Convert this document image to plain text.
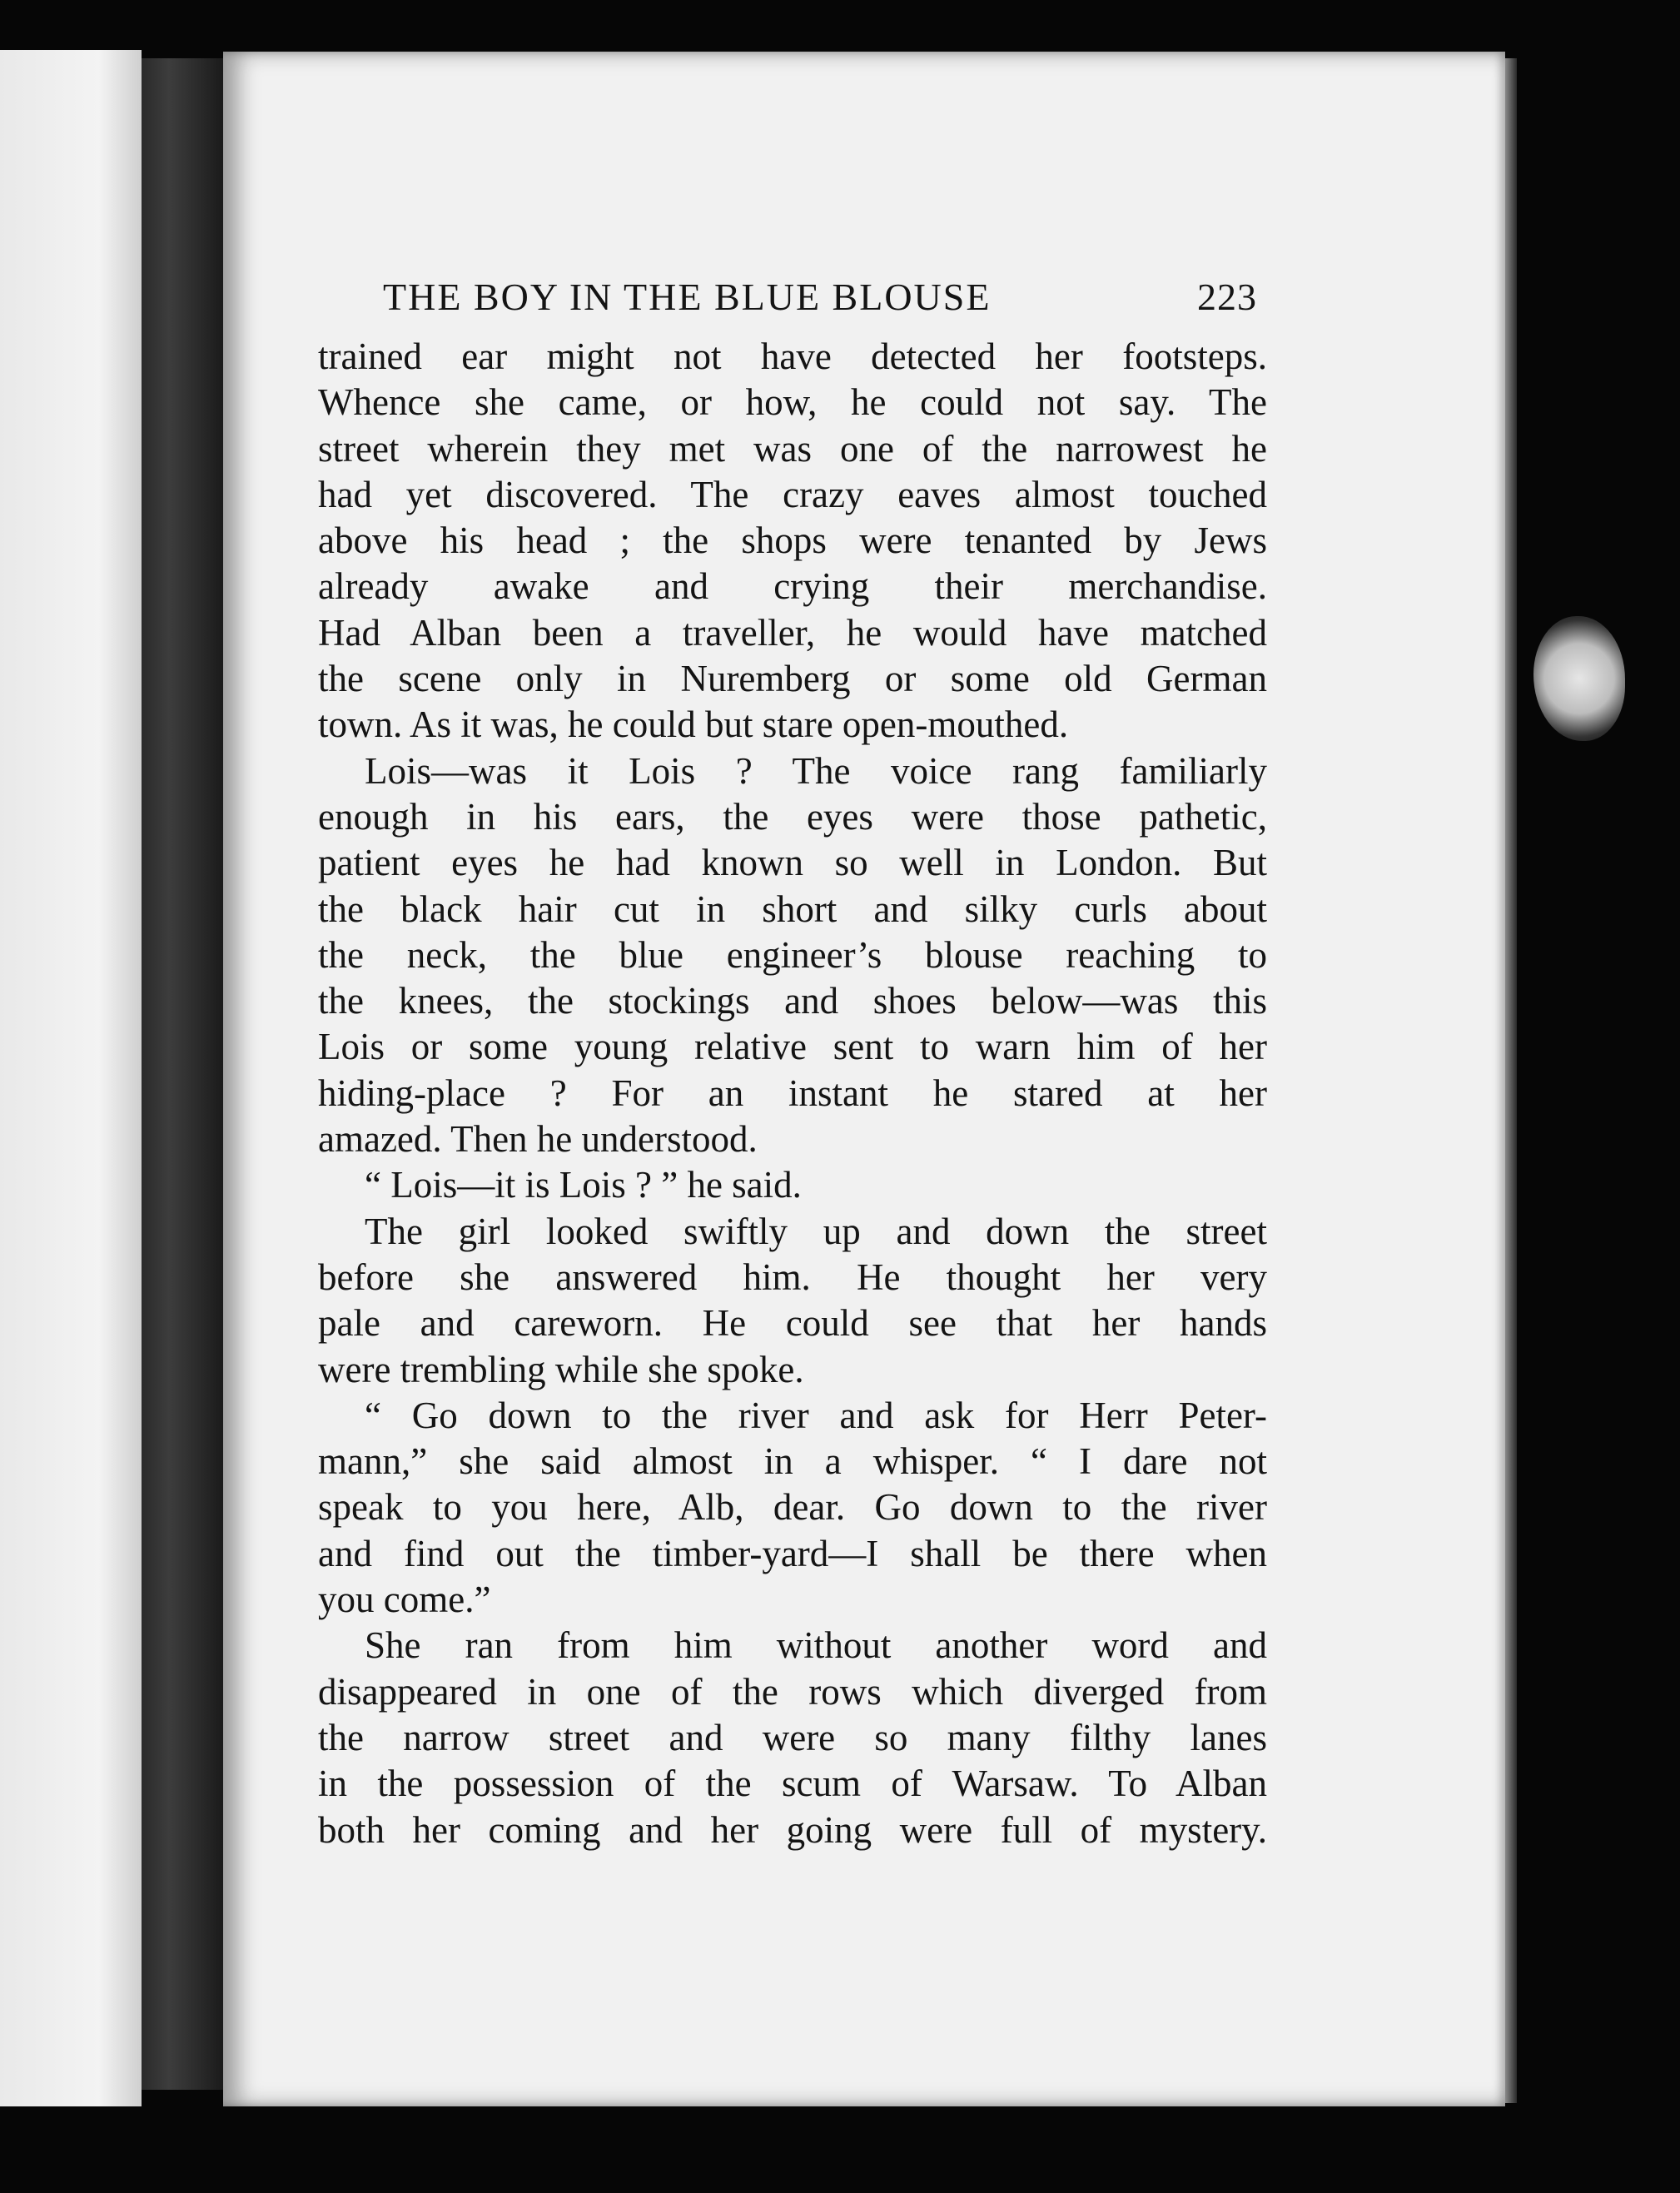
THE BOY IN THE BLUE BLOUSE	223
trained ear might not have detected her footsteps.
Whence she came, or how, he could not say. The
street wherein they met was one of the narrowest he
had yet discovered. The crazy eaves almost touched
above his head ; the shops were tenanted by Jews
already awake and crying their merchandise.
Had Alban been a traveller, he would have matched
the scene only in Nuremberg or some old German
town. As it was, he could but stare open-mouthed.
Lois—was it Lois ? The voice rang familiarly
enough in his ears, the eyes were those pathetic,
patient eyes he had known so well in London. But
the black hair cut in short and silky curls about
the neck, the blue engineer’s blouse reaching to
the knees, the stockings and shoes below—was this
Lois or some young relative sent to warn him of her
hiding-place ? For an instant he stared at her
amazed. Then he understood.
“ Lois—it is Lois ? ” he said.
The girl looked swiftly up and down the street
before she answered him. He thought her very
pale and careworn. He could see that her hands
were trembling while she spoke.
“ Go down to the river and ask for Herr Peter-
mann,” she said almost in a whisper. “ I dare not
speak to you here, Alb, dear. Go down to the river
and find out the timber-yard—I shall be there when
you come.”
She ran from him without another word and
disappeared in one of the rows which diverged from
the narrow street and were so many filthy lanes
in the possession of the scum of Warsaw. To Alban
both her coming and her going were full of mystery.
